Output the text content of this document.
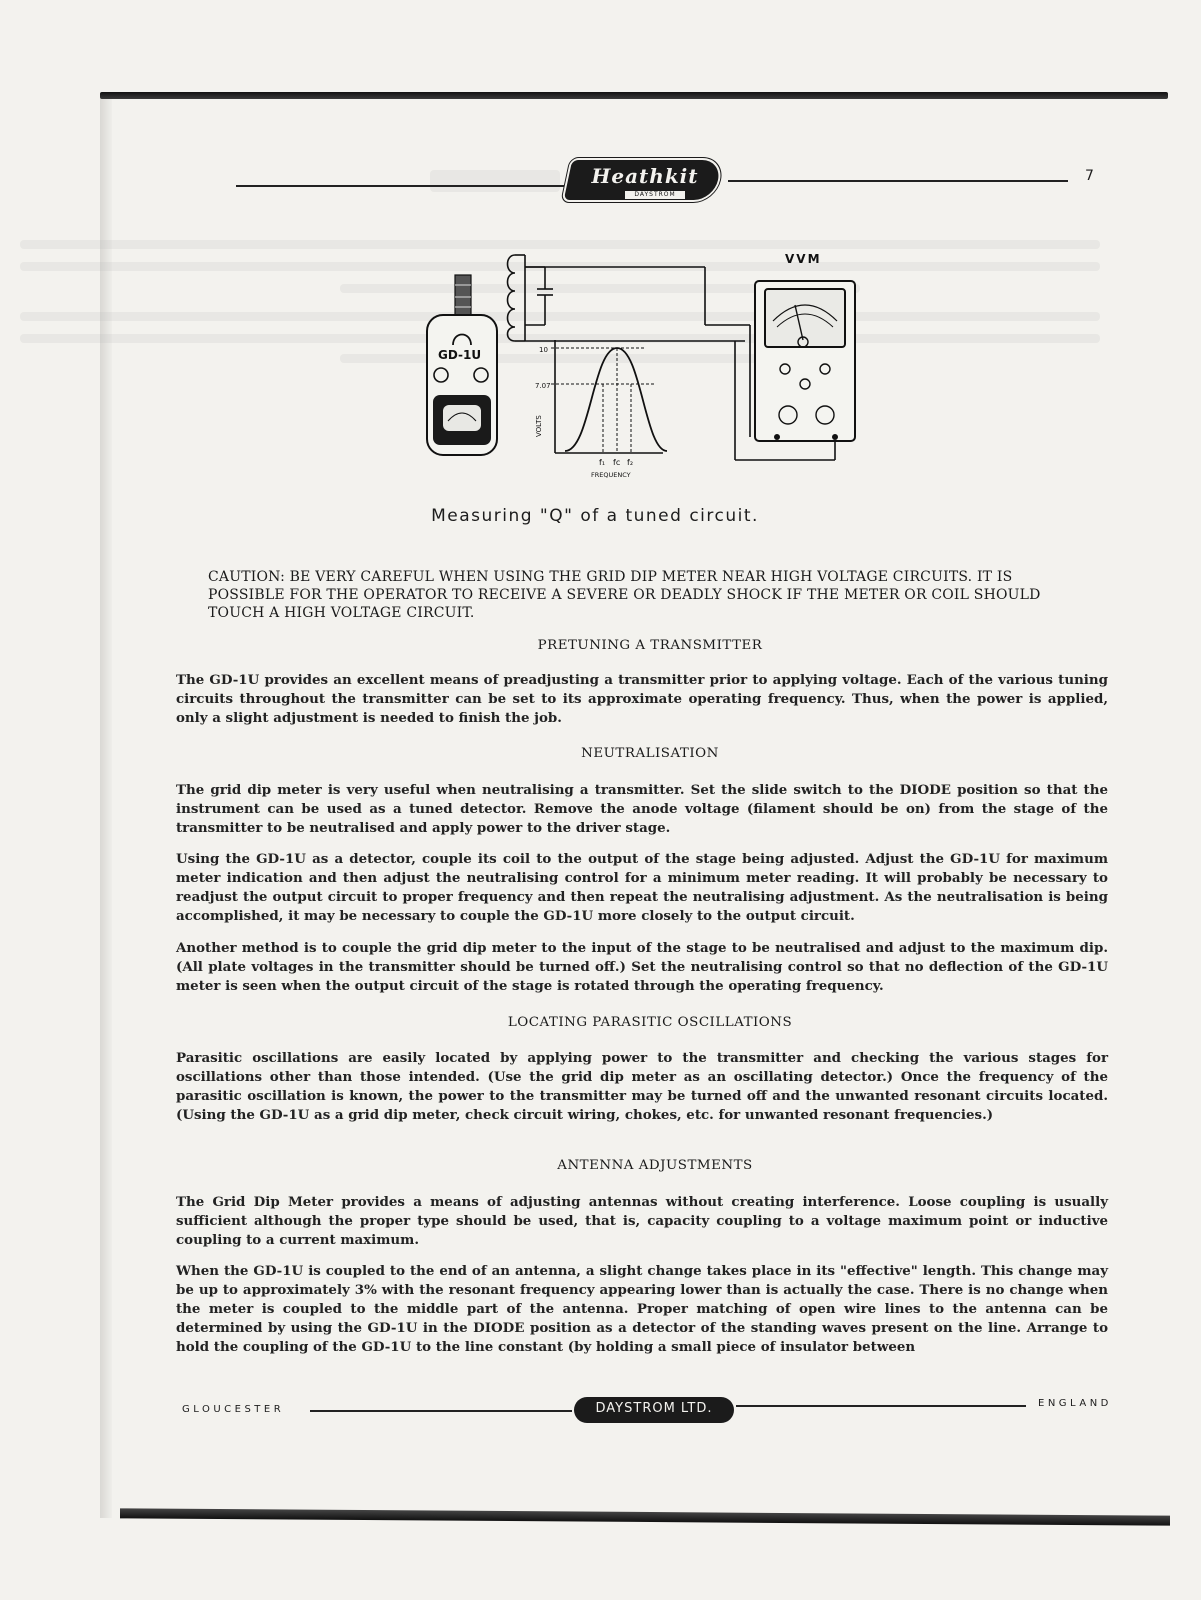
Heathkit
DAYSTROM
7
GD-1U	10
7.07
VOLTS
f₁ fc f₂
FREQUENCY
VVM
Measuring "Q" of a tuned circuit.
CAUTION: BE VERY CAREFUL WHEN USING THE GRID DIP METER NEAR HIGH VOLTAGE CIRCUITS. IT IS POSSIBLE FOR THE OPERATOR TO RECEIVE A SEVERE OR DEADLY SHOCK IF THE METER OR COIL SHOULD TOUCH A HIGH VOLTAGE CIRCUIT.
PRETUNING A TRANSMITTER
The GD-1U provides an excellent means of preadjusting a transmitter prior to applying voltage. Each of the various tuning circuits throughout the transmitter can be set to its approximate operating frequency. Thus, when the power is applied, only a slight adjustment is needed to finish the job.
NEUTRALISATION
The grid dip meter is very useful when neutralising a transmitter. Set the slide switch to the DIODE position so that the instrument can be used as a tuned detector. Remove the anode voltage (filament should be on) from the stage of the transmitter to be neutralised and apply power to the driver stage.
Using the GD-1U as a detector, couple its coil to the output of the stage being adjusted. Adjust the GD-1U for maximum meter indication and then adjust the neutralising control for a minimum meter reading. It will probably be necessary to readjust the output circuit to proper frequency and then repeat the neutralising adjustment. As the neutralisation is being accomplished, it may be necessary to couple the GD-1U more closely to the output circuit.
Another method is to couple the grid dip meter to the input of the stage to be neutralised and adjust to the maximum dip. (All plate voltages in the transmitter should be turned off.) Set the neutralising control so that no deflection of the GD-1U meter is seen when the output circuit of the stage is rotated through the operating frequency.
LOCATING PARASITIC OSCILLATIONS
Parasitic oscillations are easily located by applying power to the transmitter and checking the various stages for oscillations other than those intended. (Use the grid dip meter as an oscillating detector.) Once the frequency of the parasitic oscillation is known, the power to the transmitter may be turned off and the unwanted resonant circuits located. (Using the GD-1U as a grid dip meter, check circuit wiring, chokes, etc. for unwanted resonant frequencies.)
ANTENNA ADJUSTMENTS
The Grid Dip Meter provides a means of adjusting antennas without creating interference. Loose coupling is usually sufficient although the proper type should be used, that is, capacity coupling to a voltage maximum point or inductive coupling to a current maximum.
When the GD-1U is coupled to the end of an antenna, a slight change takes place in its "effective" length. This change may be up to approximately 3% with the resonant frequency appearing lower than is actually the case. There is no change when the meter is coupled to the middle part of the antenna. Proper matching of open wire lines to the antenna can be determined by using the GD-1U in the DIODE position as a detector of the standing waves present on the line. Arrange to hold the coupling of the GD-1U to the line constant (by holding a small piece of insulator between
GLOUCESTER	DAYSTROM LTD.	ENGLAND
